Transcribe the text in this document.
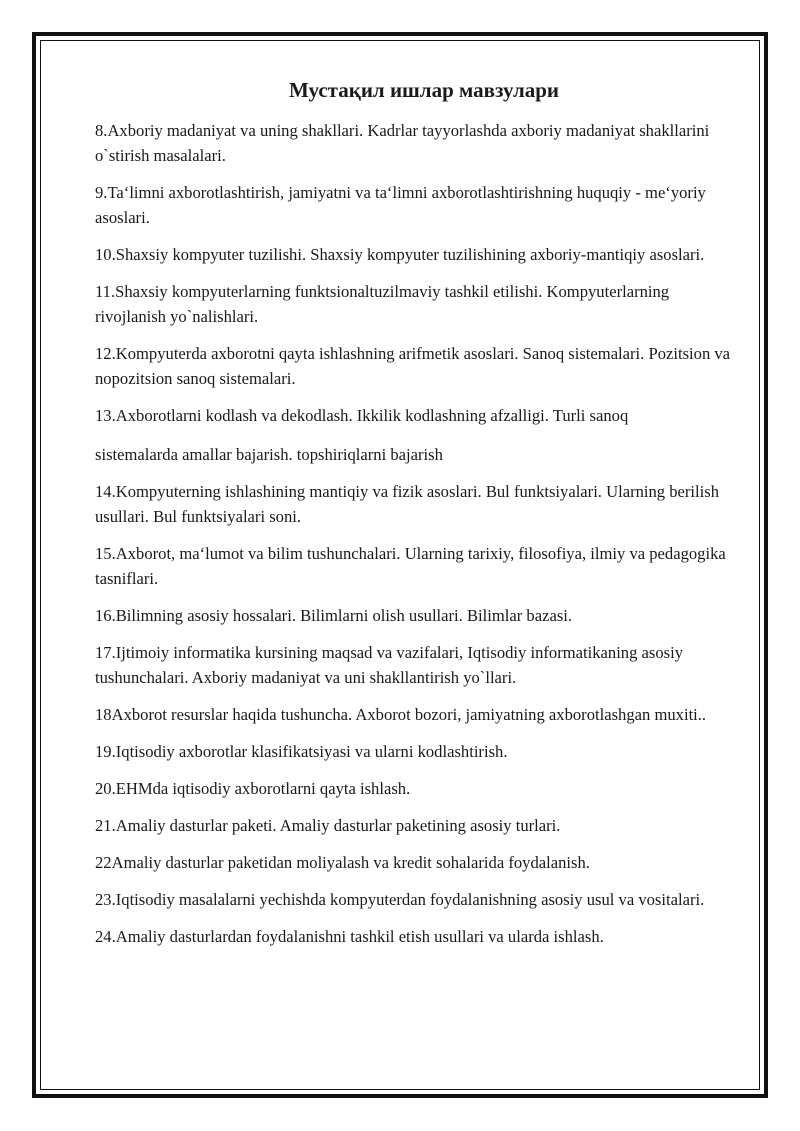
Мустақил ишлар мавзулари

8.Axboriy madaniyat va uning shakllari. Kadrlar tayyorlashda axboriy madaniyat shakllarini o`stirish masalalari.

9.Ta‘limni axborotlashtirish, jamiyatni va ta‘limni axborotlashtirishning huquqiy - me‘yoriy asoslari.

10.Shaxsiy kompyuter tuzilishi. Shaxsiy kompyuter tuzilishining axboriy-mantiqiy asoslari.

11.Shaxsiy kompyuterlarning funktsionaltuzilmaviy tashkil etilishi. Kompyuterlarning rivojlanish yo`nalishlari.

12.Kompyuterda axborotni qayta ishlashning arifmetik asoslari. Sanoq sistemalari. Pozitsion va nopozitsion sanoq sistemalari.

13.Axborotlarni kodlash va dekodlash. Ikkilik kodlashning afzalligi. Turli sanoq

sistemalarda amallar bajarish. topshiriqlarni bajarish

14.Kompyuterning ishlashining mantiqiy va fizik asoslari. Bul funktsiyalari. Ularning berilish usullari. Bul funktsiyalari soni.

15.Axborot, ma‘lumot va bilim tushunchalari. Ularning tarixiy, filosofiya, ilmiy va pedagogika tasniflari.

16.Bilimning asosiy hossalari. Bilimlarni olish usullari. Bilimlar bazasi.

17.Ijtimoiy informatika kursining maqsad va vazifalari, Iqtisodiy informatikaning asosiy tushunchalari. Axboriy madaniyat va uni shakllantirish yo`llari.

18Axborot resurslar haqida tushuncha. Axborot bozori, jamiyatning axborotlashgan muxiti..

19.Iqtisodiy axborotlar klasifikatsiyasi va ularni kodlashtirish.

20.EHMda iqtisodiy axborotlarni qayta ishlash.

21.Amaliy dasturlar paketi. Amaliy dasturlar paketining asosiy turlari.

22Amaliy dasturlar paketidan moliyalash va kredit sohalarida foydalanish.

23.Iqtisodiy masalalarni yechishda kompyuterdan foydalanishning asosiy usul va vositalari.

24.Amaliy dasturlardan foydalanishni tashkil etish usullari va ularda ishlash.
